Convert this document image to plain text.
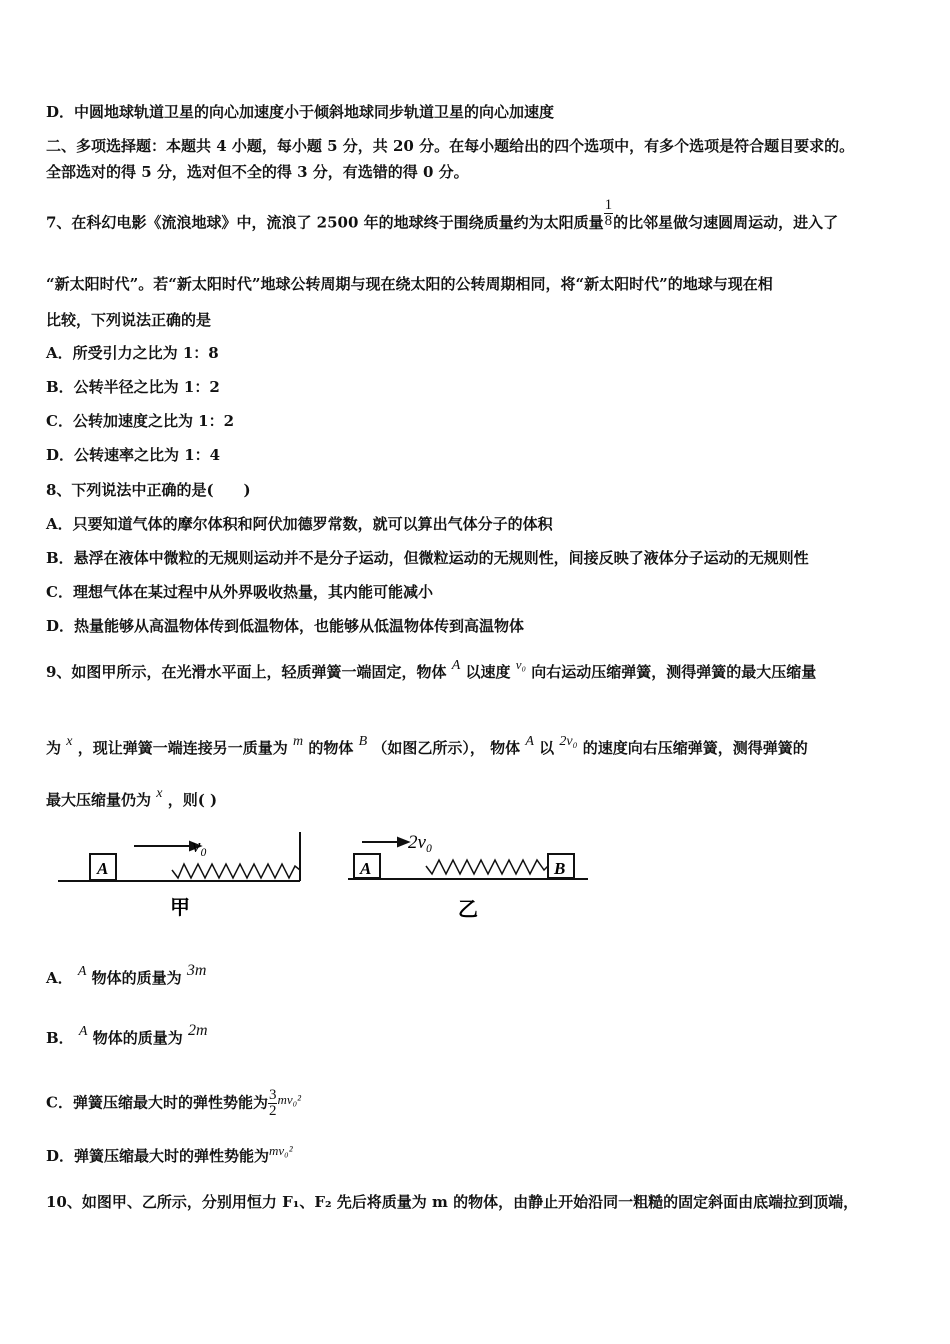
D．中圆地球轨道卫星的向心加速度小于倾斜地球同步轨道卫星的向心加速度
二、多项选择题：本题共 4 小题，每小题 5 分，共 20 分。在每小题给出的四个选项中，有多个选项是符合题目要求的。
全部选对的得 5 分，选对但不全的得 3 分，有选错的得 0 分。
7、在科幻电影《流浪地球》中，流浪了 2500 年的地球终于围绕质量约为太阳质量 $\frac{1}{8}$ 的比邻星做匀速圆周运动，进入了
“新太阳时代”。若“新太阳时代”地球公转周期与现在绕太阳的公转周期相同，将“新太阳时代”的地球与现在相
比较，下列说法正确的是
A．所受引力之比为 1：8
B．公转半径之比为 1：2
C．公转加速度之比为 1：2
D．公转速率之比为 1：4
8、下列说法中正确的是(　　)
A．只要知道气体的摩尔体积和阿伏加德罗常数，就可以算出气体分子的体积
B．悬浮在液体中微粒的无规则运动并不是分子运动，但微粒运动的无规则性，间接反映了液体分子运动的无规则性
C．理想气体在某过程中从外界吸收热量，其内能可能减小
D．热量能够从高温物体传到低温物体，也能够从低温物体传到高温物体
9、如图甲所示，在光滑水平面上，轻质弹簧一端固定，物体 A 以速度 v₀ 向右运动压缩弹簧，测得弹簧的最大压缩量
为 x ，现让弹簧一端连接另一质量为 m 的物体 B （如图乙所示）， 物体 A 以 2v₀ 的速度向右压缩弹簧，测得弹簧的
最大压缩量仍为 x ，则( )
A
v₀
甲
A	B
2v₀
乙
A． A 物体的质量为 3m
B． A 物体的质量为 2m
C．弹簧压缩最大时的弹性势能为 $\frac{3}{2} mv_0^2$
D．弹簧压缩最大时的弹性势能为mv₀²
10、如图甲、乙所示，分别用恒力 F₁、F₂ 先后将质量为 m 的物体，由静止开始沿同一粗糙的固定斜面由底端拉到顶端，
